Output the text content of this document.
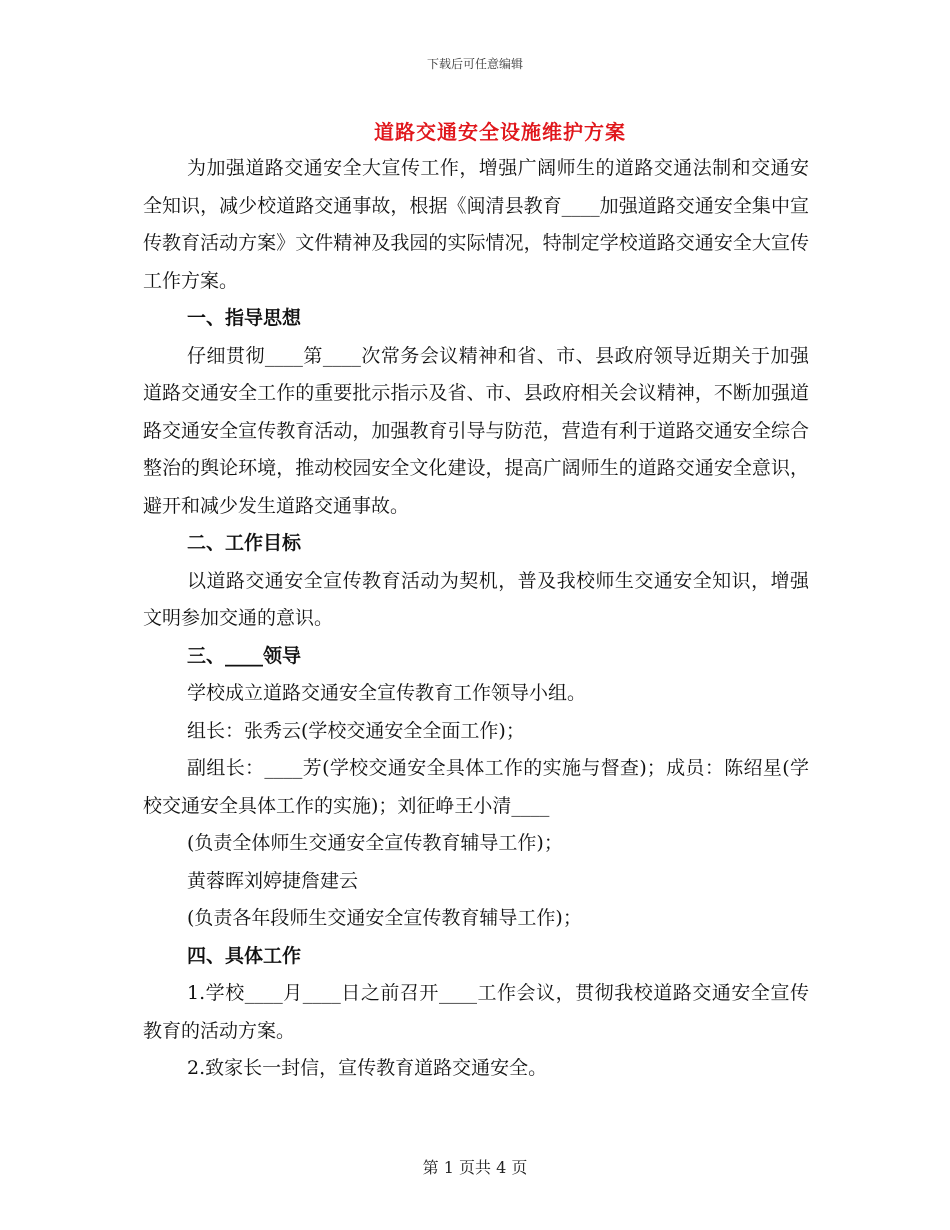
下载后可任意编辑
道路交通安全设施维护方案

为加强道路交通安全大宣传工作，增强广阔师生的道路交通法制和交通安全知识，减少校道路交通事故，根据《闽清县教育____加强道路交通安全集中宣传教育活动方案》文件精神及我园的实际情况，特制定学校道路交通安全大宣传工作方案。

一、指导思想

仔细贯彻____第____次常务会议精神和省、市、县政府领导近期关于加强道路交通安全工作的重要批示指示及省、市、县政府相关会议精神，不断加强道路交通安全宣传教育活动，加强教育引导与防范，营造有利于道路交通安全综合整治的舆论环境，推动校园安全文化建设，提高广阔师生的道路交通安全意识，避开和减少发生道路交通事故。

二、工作目标

以道路交通安全宣传教育活动为契机，普及我校师生交通安全知识，增强文明参加交通的意识。

三、____领导

学校成立道路交通安全宣传教育工作领导小组。

组长：张秀云(学校交通安全全面工作)；

副组长：____芳(学校交通安全具体工作的实施与督查)；成员：陈绍星(学校交通安全具体工作的实施)；刘征峥王小清____

(负责全体师生交通安全宣传教育辅导工作)；

黄蓉晖刘婷捷詹建云

(负责各年段师生交通安全宣传教育辅导工作)；

四、具体工作

1.学校____月____日之前召开____工作会议，贯彻我校道路交通安全宣传教育的活动方案。

2.致家长一封信，宣传教育道路交通安全。

第 1 页共 4 页
